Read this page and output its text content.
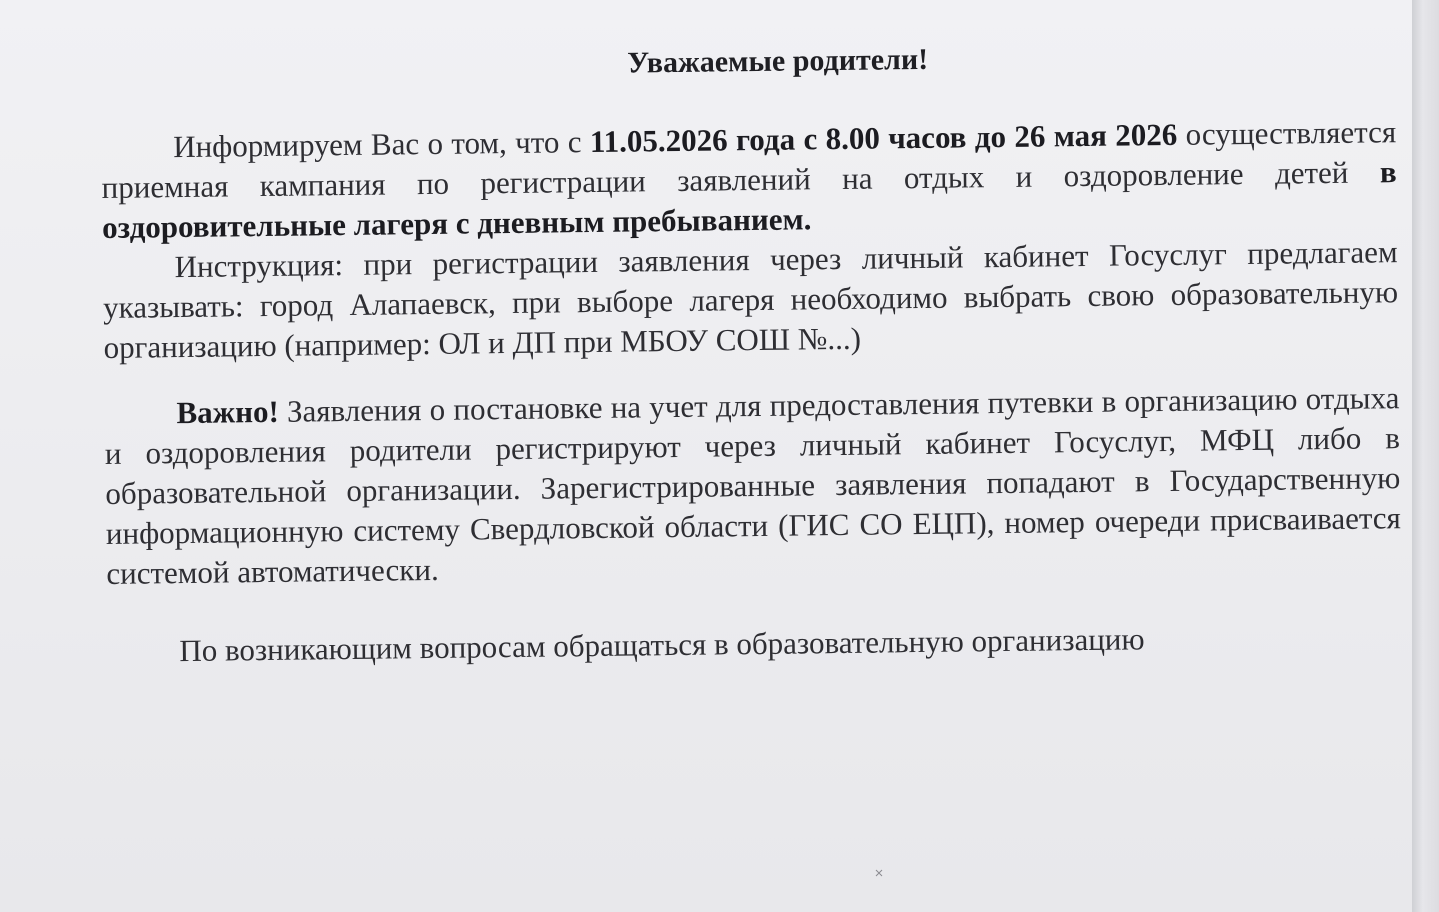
Уважаемые родители!

Информируем Вас о том, что с 11.05.2026 года с 8.00 часов до 26 мая 2026 осуществляется приемная кампания по регистрации заявлений на отдых и оздоровление детей в оздоровительные лагеря с дневным пребыванием.

Инструкция: при регистрации заявления через личный кабинет Госуслуг предлагаем указывать: город Алапаевск, при выборе лагеря необходимо выбрать свою образовательную организацию (например: ОЛ и ДП при МБОУ СОШ №...)

Важно! Заявления о постановке на учет для предоставления путевки в организацию отдыха и оздоровления родители регистрируют через личный кабинет Госуслуг, МФЦ либо в образовательной организации. Зарегистрированные заявления попадают в Государственную информационную систему Свердловской области (ГИС СО ЕЦП), номер очереди присваивается системой автоматически.

По возникающим вопросам обращаться в образовательную организацию
